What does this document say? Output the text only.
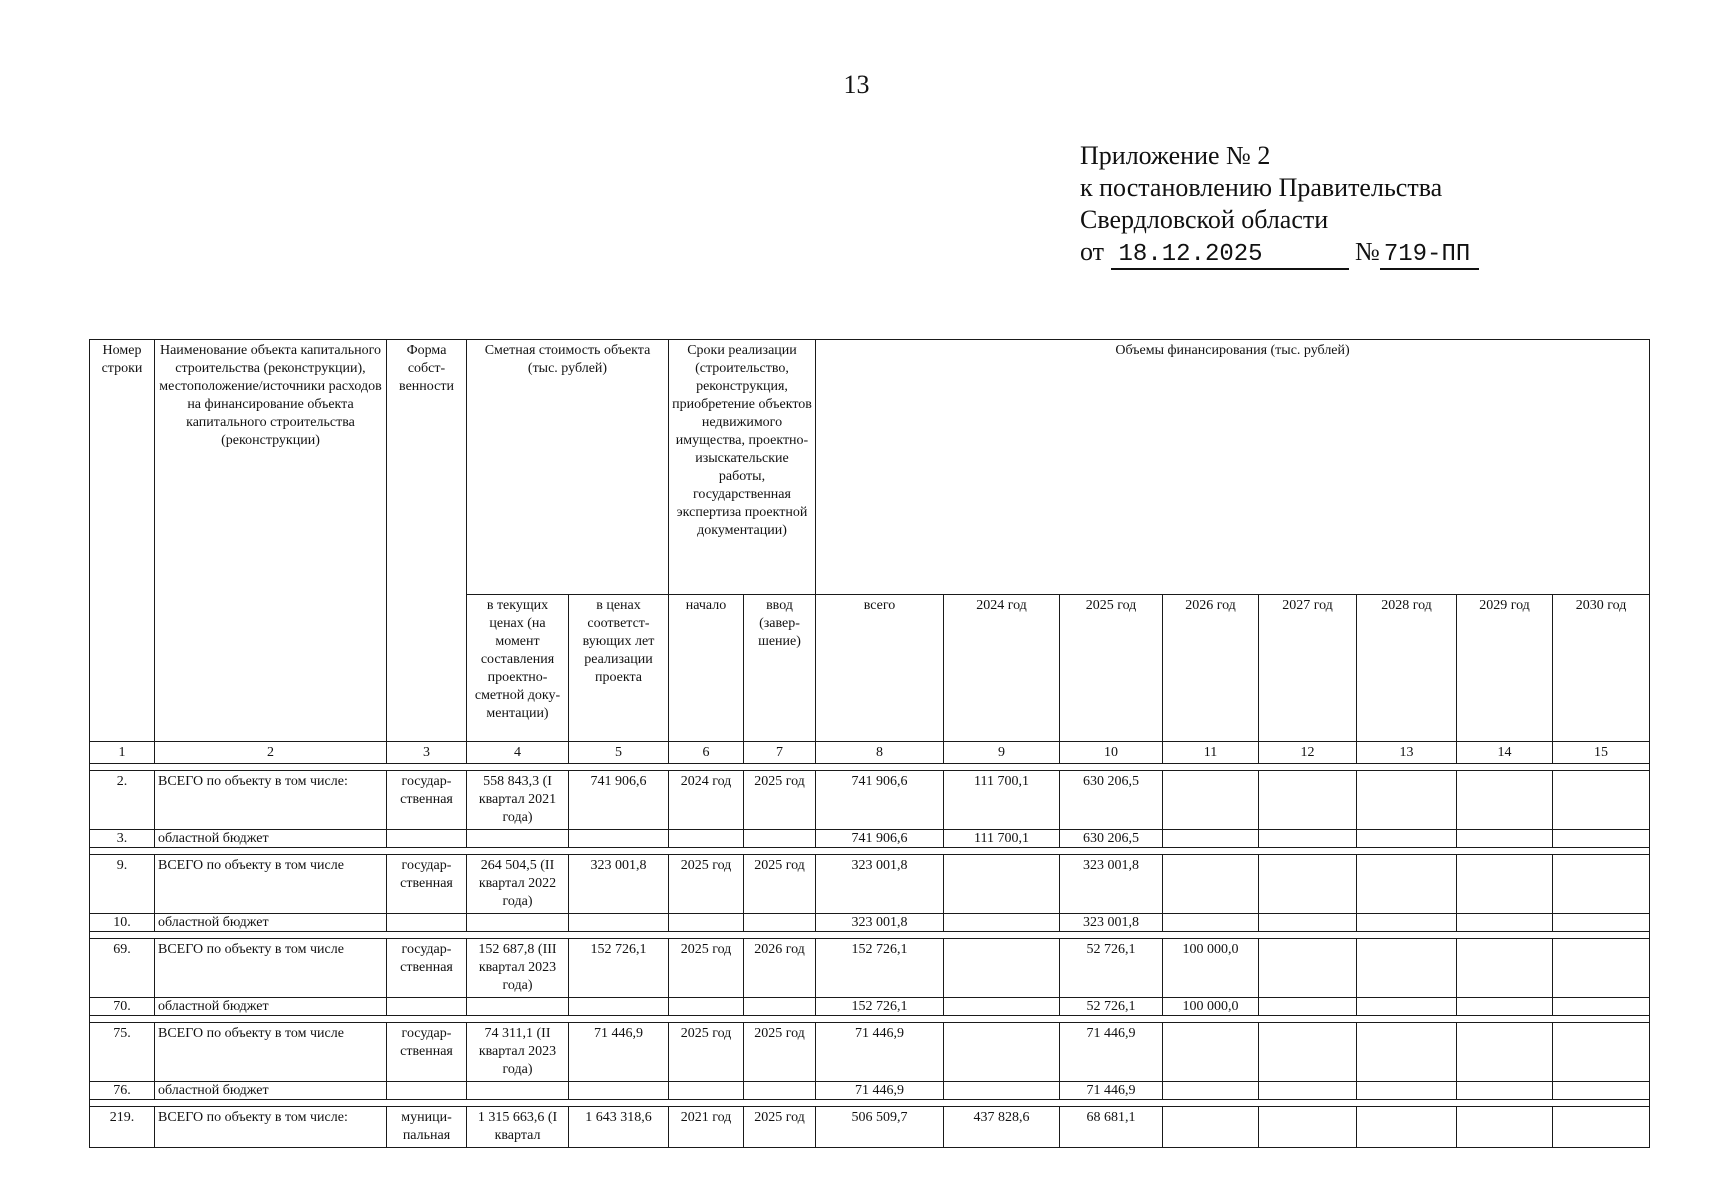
13
Приложение № 2
к постановлению Правительства
Свердловской области
от 18.12.2025	№ 719-ПП
Номер строки	Наименование объекта капитального строительства (реконструкции), местоположение/источники расходов на финансирование объекта капитального строительства (реконструкции)	Форма собст-венности	Сметная стоимость объекта (тыс. рублей)		Сроки реализации (строительство, реконструкция, приобретение объектов недвижимого имущества, проектно-изыскательские работы, государственная экспертиза проектной документации)		Объемы финансирования (тыс. рублей)							
			в текущих ценах (на момент составления проектно-сметной доку-ментации)	в ценах соответст-вующих лет реализации проекта	начало	ввод (завер-шение)	всего	2024 год	2025 год	2026 год	2027 год	2028 год	2029 год	2030 год
1	2	3	4	5	6	7	8	9	10	11	12	13	14	15

2.	ВСЕГО по объекту в том числе:	государ-ственная	558 843,3 (I квартал 2021 года)	741 906,6	2024 год	2025 год	741 906,6	111 700,1	630 206,5					
3.	областной бюджет						741 906,6	111 700,1	630 206,5					

9.	ВСЕГО по объекту в том числе	государ-ственная	264 504,5 (II квартал 2022 года)	323 001,8	2025 год	2025 год	323 001,8		323 001,8					
10.	областной бюджет						323 001,8		323 001,8					

69.	ВСЕГО по объекту в том числе	государ-ственная	152 687,8 (III квартал 2023 года)	152 726,1	2025 год	2026 год	152 726,1		52 726,1	100 000,0				
70.	областной бюджет						152 726,1		52 726,1	100 000,0				

75.	ВСЕГО по объекту в том числе	государ-ственная	74 311,1 (II квартал 2023 года)	71 446,9	2025 год	2025 год	71 446,9		71 446,9					
76.	областной бюджет						71 446,9		71 446,9					

219.	ВСЕГО по объекту в том числе:	муници-пальная	1 315 663,6 (I квартал	1 643 318,6	2021 год	2025 год	506 509,7	437 828,6	68 681,1					
